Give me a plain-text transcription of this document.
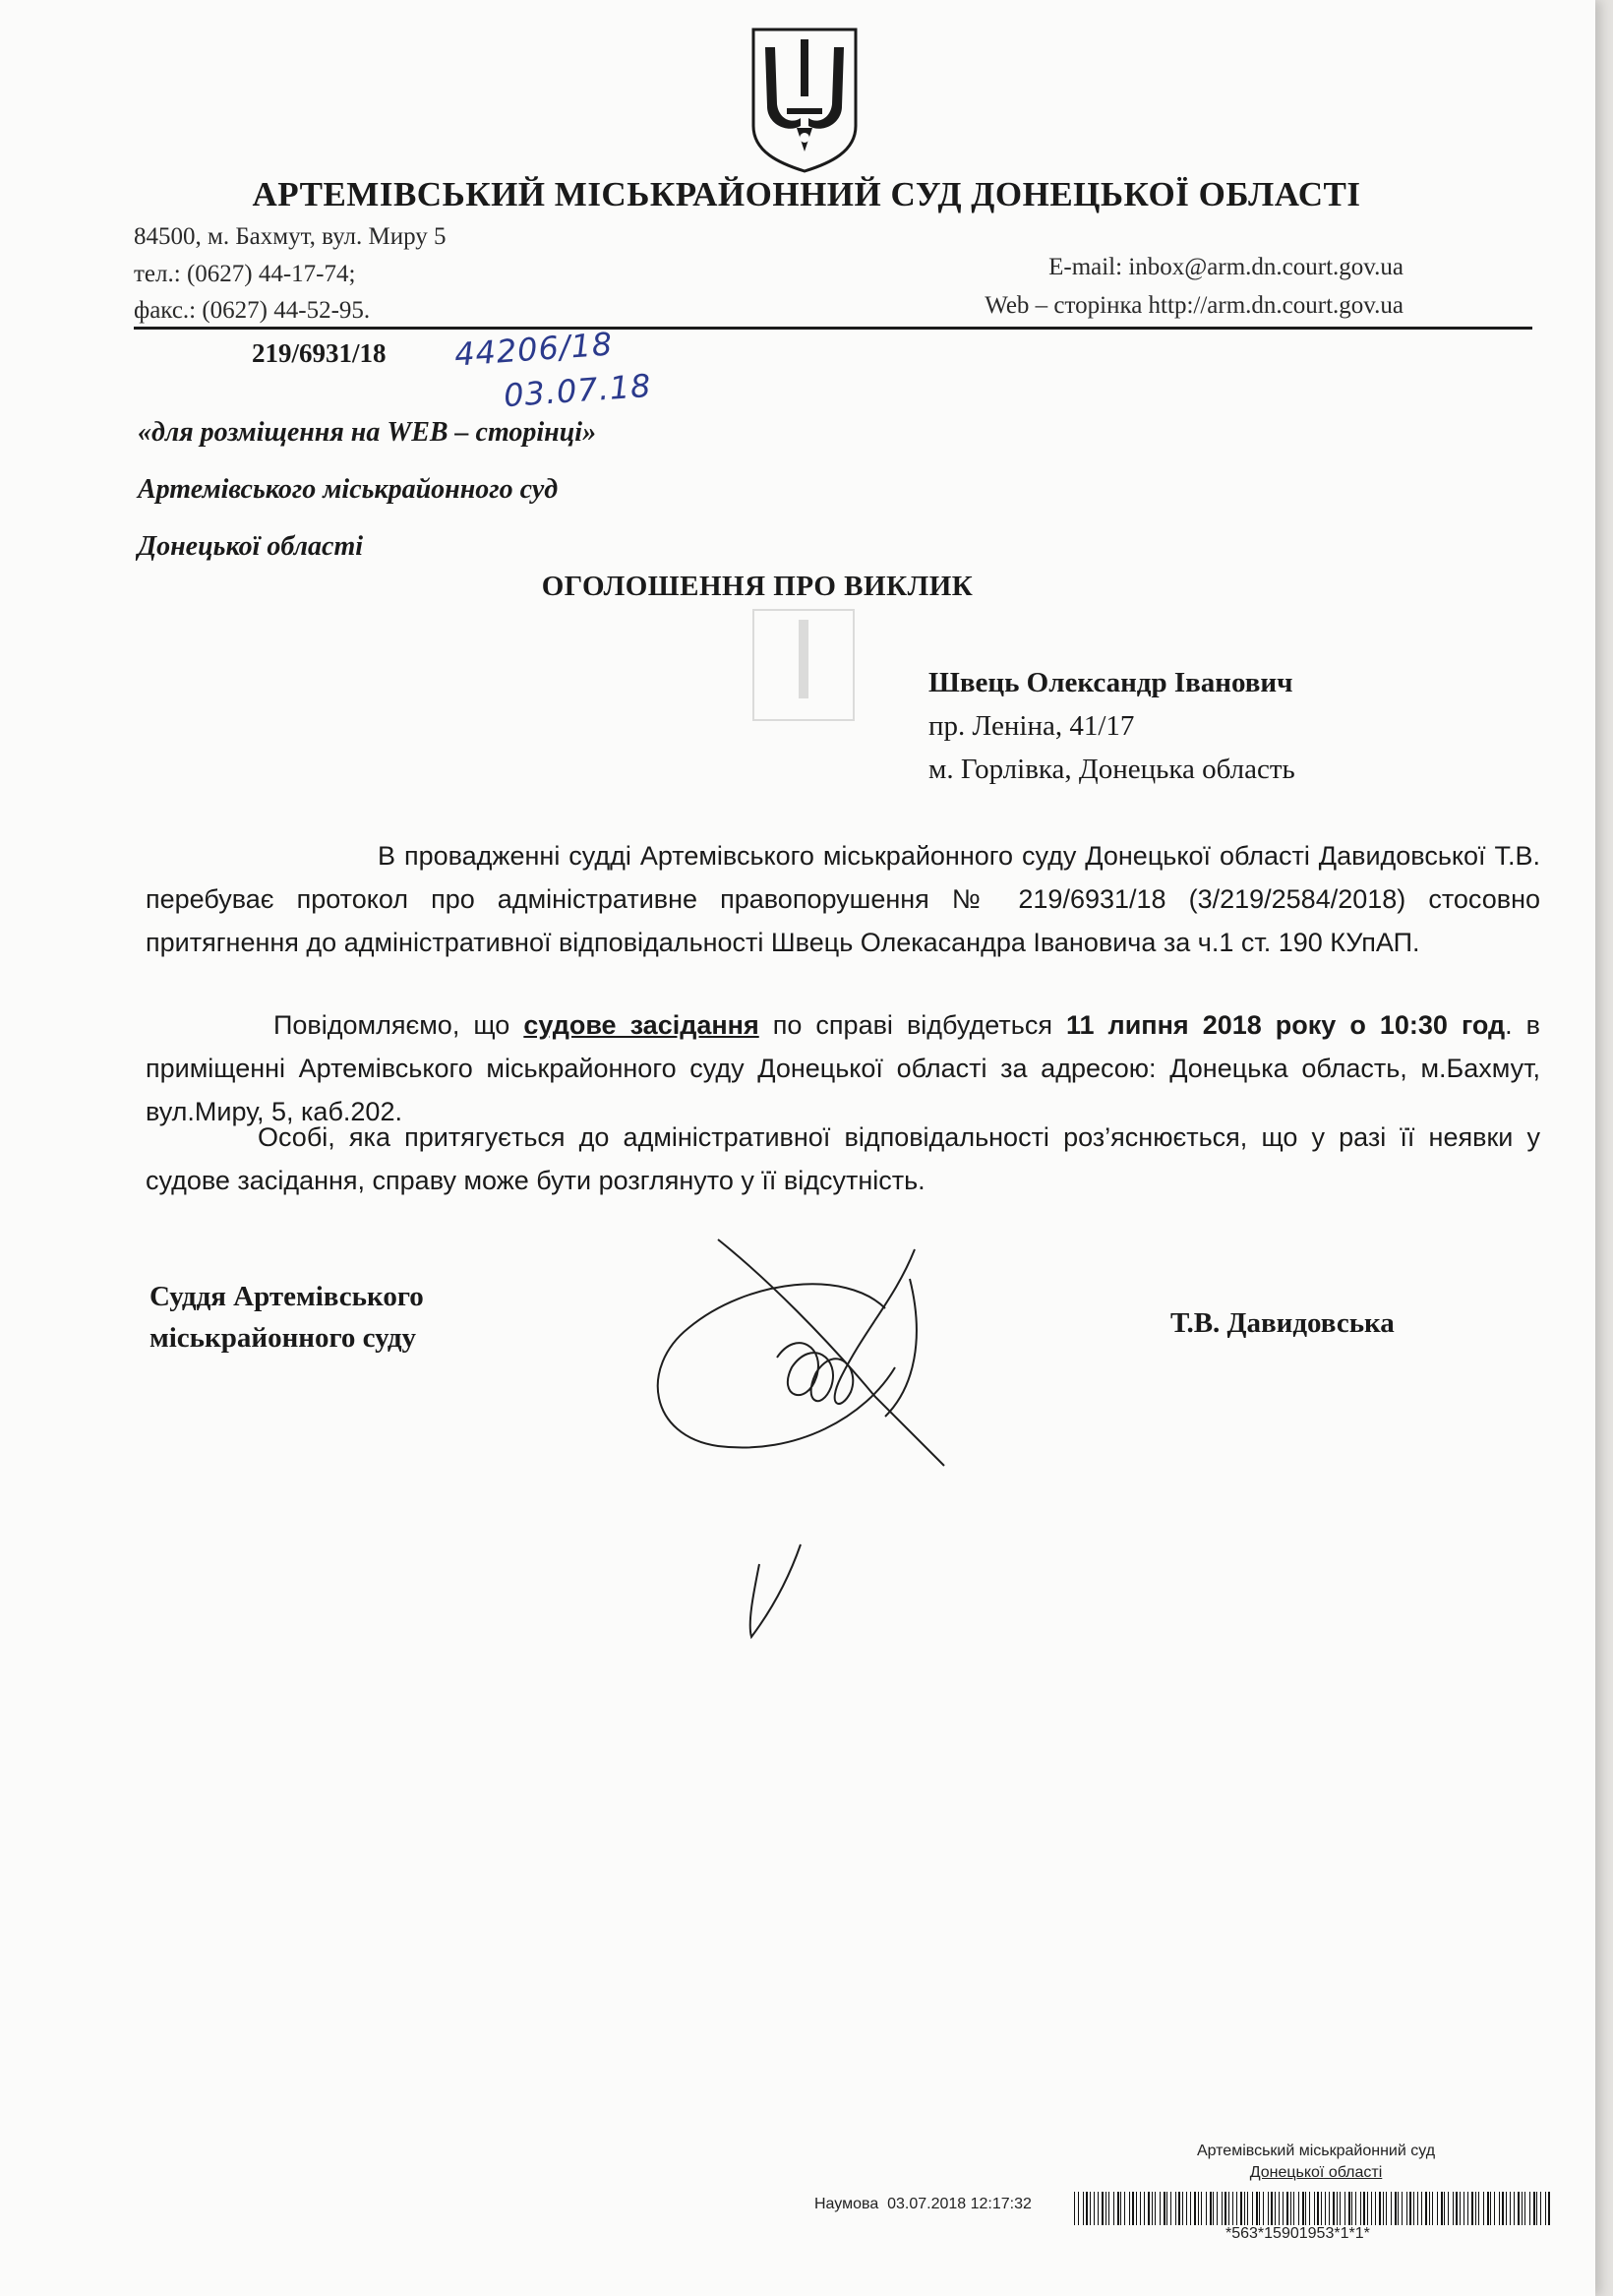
АРТЕМІВСЬКИЙ МІСЬКРАЙОННИЙ СУД ДОНЕЦЬКОЇ ОБЛАСТІ
84500, м. Бахмут, вул. Миру 5
тел.: (0627) 44-17-74;
факс.: (0627) 44-52-95.
E-mail: inbox@arm.dn.court.gov.ua
Web – сторінка http://arm.dn.court.gov.ua
219/6931/18 44206/18
03.07.18
«для розміщення на WEB – сторінці»
Артемівського міськрайонного суд
Донецької області
ОГОЛОШЕННЯ ПРО ВИКЛИК
Швець Олександр Іванович
пр. Леніна, 41/17
м. Горлівка, Донецька область

В провадженні судді Артемівського міськрайонного суду Донецької області Давидовської Т.В. перебуває протокол про адміністративне правопорушення № 219/6931/18 (3/219/2584/2018) стосовно притягнення до адміністративної відповідальності Швець Олекасандра Івановича за ч.1 ст. 190 КУпАП.

Повідомляємо, що судове засідання по справі відбудеться 11 липня 2018 року о 10:30 год. в приміщенні Артемівського міськрайонного суду Донецької області за адресою: Донецька область, м.Бахмут, вул.Миру, 5, каб.202.

Особі, яка притягується до адміністративної відповідальності роз’яснюється, що у разі її неявки у судове засідання, справу може бути розглянуто у її відсутність.

Суддя Артемівського
міськрайонного суду	Т.В. Давидовська
Артемівський міськрайонний суд
Донецької області
Наумова 03.07.2018 12:17:32
*563*15901953*1*1*
